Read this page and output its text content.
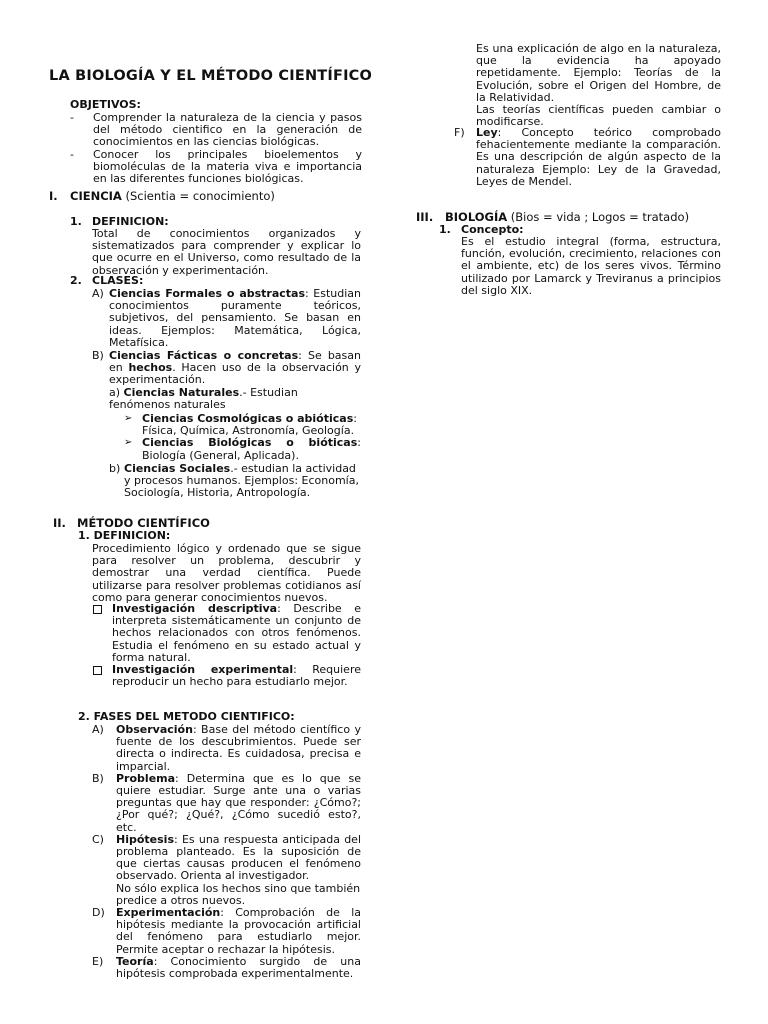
LA BIOLOGÍA Y EL MÉTODO CIENTÍFICO
OBJETIVOS:
- Comprender la naturaleza de la ciencia y pasos del método cientifico en la generación de conocimientos en las ciencias biológicas.

- Conocer los principales bioelementos y biomoléculas de la materia viva e importancia en las diferentes funciones biológicas.

I. CIENCIA (Scientia = conocimiento)
1. DEFINICION:

Total de conocimientos organizados y sistematizados para comprender y explicar lo que ocurre en el Universo, como resultado de la observación y experimentación.

2. CLASES:
A) Ciencias Formales o abstractas: Estudian conocimientos puramente teóricos, subjetivos, del pensamiento. Se basan en ideas. Ejemplos: Matemática, Lógica, Metafísica.

B) Ciencias Fácticas o concretas: Se basan en hechos. Hacen uso de la observación y experimentación.

a) Ciencias Naturales.- Estudian fenómenos naturales

➢ Ciencias Cosmológicas o abióticas: Física, Química, Astronomía, Geología.

➢ Ciencias Biológicas o bióticas: Biología (General, Aplicada).

b) Ciencias Sociales.- estudian la actividad y procesos humanos. Ejemplos: Economía, Sociología, Historia, Antropología.

II. MÉTODO CIENTÍFICO
1. DEFINICION:

Procedimiento lógico y ordenado que se sigue para resolver un problema, descubrir y demostrar una verdad científica. Puede utilizarse para resolver problemas cotidianos así como para generar conocimientos nuevos.

Investigación descriptiva: Describe e interpreta sistemáticamente un conjunto de hechos relacionados con otros fenómenos. Estudia el fenómeno en su estado actual y forma natural.

Investigación experimental: Requiere reproducir un hecho para estudiarlo mejor.

2. FASES DEL METODO CIENTIFICO:
A) Observación: Base del método científico y fuente de los descubrimientos. Puede ser directa o indirecta. Es cuidadosa, precisa e imparcial.

B) Problema: Determina que es lo que se quiere estudiar. Surge ante una o varias preguntas que hay que responder: ¿Cómo?; ¿Por qué?; ¿Qué?, ¿Cómo sucedió esto?, etc.

C) Hipótesis: Es una respuesta anticipada del problema planteado. Es la suposición de que ciertas causas producen el fenómeno observado. Orienta al investigador.

No sólo explica los hechos sino que también predice a otros nuevos.

D) Experimentación: Comprobación de la hipótesis mediante la provocación artificial del fenómeno para estudiarlo mejor. Permite aceptar o rechazar la hipótesis.

E) Teoría: Conocimiento surgido de una hipótesis comprobada experimentalmente.

Es una explicación de algo en la naturaleza, que la evidencia ha apoyado repetidamente. Ejemplo: Teorías de la Evolución, sobre el Origen del Hombre, de la Relatividad.

Las teorías científicas pueden cambiar o modificarse.

F) Ley: Concepto teórico comprobado fehacientemente mediante la comparación. Es una descripción de algún aspecto de la naturaleza Ejemplo: Ley de la Gravedad, Leyes de Mendel.

III. BIOLOGÍA (Bios = vida ; Logos = tratado)
1. Concepto:

Es el estudio integral (forma, estructura, función, evolución, crecimiento, relaciones con el ambiente, etc) de los seres vivos. Término utilizado por Lamarck y Treviranus a principios del siglo XIX.
